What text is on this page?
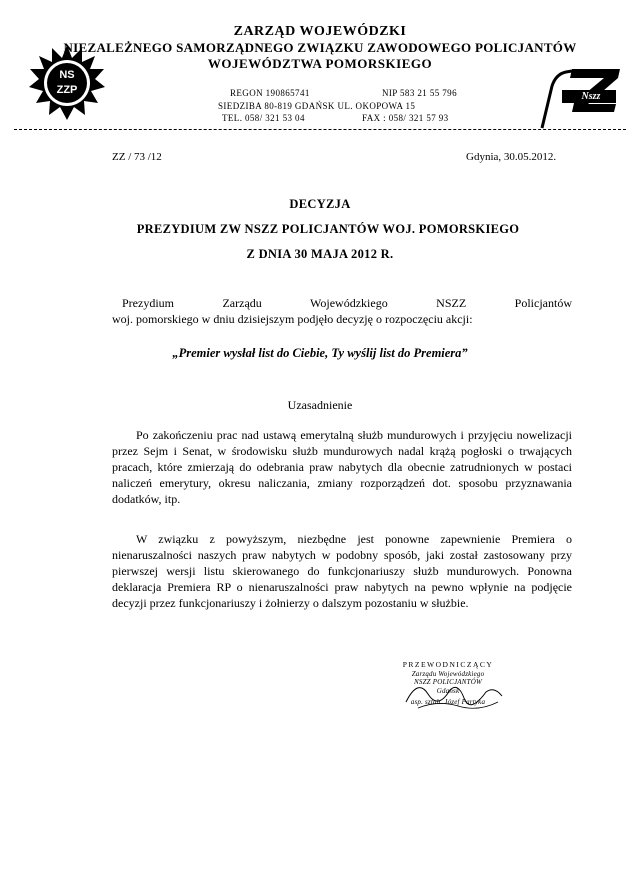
NS
ZZP
ZARZĄD WOJEWÓDZKI
NIEZALEŻNEGO SAMORZĄDNEGO ZWIĄZKU ZAWODOWEGO POLICJANTÓW
WOJEWÓDZTWA POMORSKIEGO
REGON 190865741	NIP 583 21 55 796
SIEDZIBA 80-819 GDAŃSK UL. OKOPOWA 15
TEL. 058/ 321 53 04	FAX : 058/ 321 57 93
Nszz
ZZ / 73 /12	Gdynia, 30.05.2012.
DECYZJA
PREZYDIUM ZW NSZZ POLICJANTÓW WOJ. POMORSKIEGO
Z DNIA 30 MAJA 2012 R.

Prezydium Zarządu Wojewódzkiego NSZZ Policjantów

woj. pomorskiego w dniu dzisiejszym podjęło decyzję o rozpoczęciu akcji:

„Premier wysłał list do Ciebie, Ty wyślij list do Premiera”
Uzasadnienie

Po zakończeniu prac nad ustawą emerytalną służb mundurowych i przyjęciu nowelizacji przez Sejm i Senat, w środowisku służb mundurowych nadal krążą pogłoski o trwających pracach, które zmierzają do odebrania praw nabytych dla obecnie zatrudnionych w postaci naliczeń emerytury, okresu naliczania, zmiany rozporządzeń dot. sposobu przyznawania dodatków, itp.

W związku z powyższym, niezbędne jest ponowne zapewnienie Premiera o nienaruszalności naszych praw nabytych w podobny sposób, jaki został zastosowany przy pierwszej wersji listu skierowanego do funkcjonariuszy służb mundurowych. Ponowna deklaracja Premiera RP o nienaruszalności praw nabytych na pewno wpłynie na podjęcie decyzji przez funkcjonariuszy i żołnierzy o dalszym pozostaniu w służbie.

PRZEWODNICZĄCY
Zarządu Wojewódzkiego
NSZZ POLICJANTÓW
Gdańsk
asp. sztab. Józef Partyka
